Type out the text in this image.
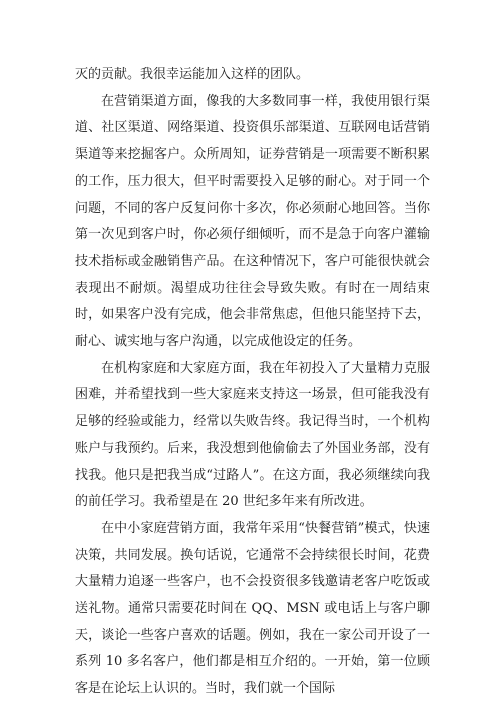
灭的贡献。我很幸运能加入这样的团队。

在营销渠道方面，像我的大多数同事一样，我使用银行渠道、社区渠道、网络渠道、投资俱乐部渠道、互联网电话营销渠道等来挖掘客户。众所周知，证券营销是一项需要不断积累的工作，压力很大，但平时需要投入足够的耐心。对于同一个问题，不同的客户反复问你十多次，你必须耐心地回答。当你第一次见到客户时，你必须仔细倾听，而不是急于向客户灌输技术指标或金融销售产品。在这种情况下，客户可能很快就会表现出不耐烦。渴望成功往往会导致失败。有时在一周结束时，如果客户没有完成，他会非常焦虑，但他只能坚持下去，耐心、诚实地与客户沟通，以完成他设定的任务。

在机构家庭和大家庭方面，我在年初投入了大量精力克服困难，并希望找到一些大家庭来支持这一场景，但可能我没有足够的经验或能力，经常以失败告终。我记得当时，一个机构账户与我预约。后来，我没想到他偷偷去了外国业务部，没有找我。他只是把我当成“过路人”。在这方面，我必须继续向我的前任学习。我希望是在 20 世纪多年来有所改进。

在中小家庭营销方面，我常年采用“快餐营销”模式，快速决策，共同发展。换句话说，它通常不会持续很长时间，花费大量精力追逐一些客户，也不会投资很多钱邀请老客户吃饭或送礼物。通常只需要花时间在 QQ、MSN 或电话上与客户聊天，谈论一些客户喜欢的话题。例如，我在一家公司开设了一系列 10 多名客户，他们都是相互介绍的。一开始，第一位顾客是在论坛上认识的。当时，我们就一个国际
